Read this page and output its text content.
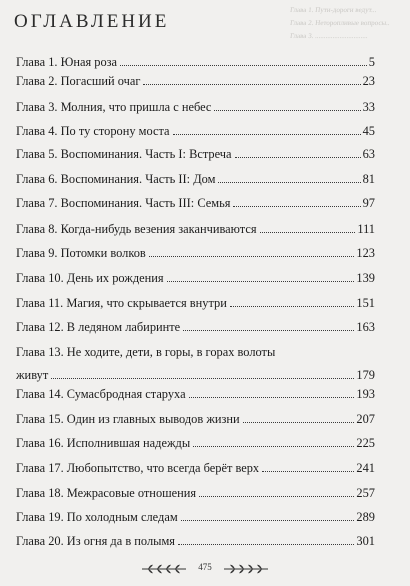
Глава 1. Пути-дороги ведут...
Глава 2. Неторопливые вопросы..
Глава 3. ..............................
ОГЛАВЛЕНИЕ
Глава 1. Юная роза	5
Глава 2. Погасший очаг	23
Глава 3. Молния, что пришла с небес	33
Глава 4. По ту сторону моста	45
Глава 5. Воспоминания. Часть I: Встреча	63
Глава 6. Воспоминания. Часть II: Дом	81
Глава 7. Воспоминания. Часть III: Семья	97
Глава 8. Когда-нибудь везения заканчиваются	111
Глава 9. Потомки волков	123
Глава 10. День их рождения	139
Глава 11. Магия, что скрывается внутри	151
Глава 12. В ледяном лабиринте	163
Глава 13. Не ходите, дети, в горы, в горах волоты
живут	179
Глава 14. Сумасбродная старуха	193
Глава 15. Один из главных выводов жизни	207
Глава 16. Исполнившая надежды	225
Глава 17. Любопытство, что всегда берёт верх	241
Глава 18. Межрасовые отношения	257
Глава 19. По холодным следам	289
Глава 20. Из огня да в полымя	301
475
